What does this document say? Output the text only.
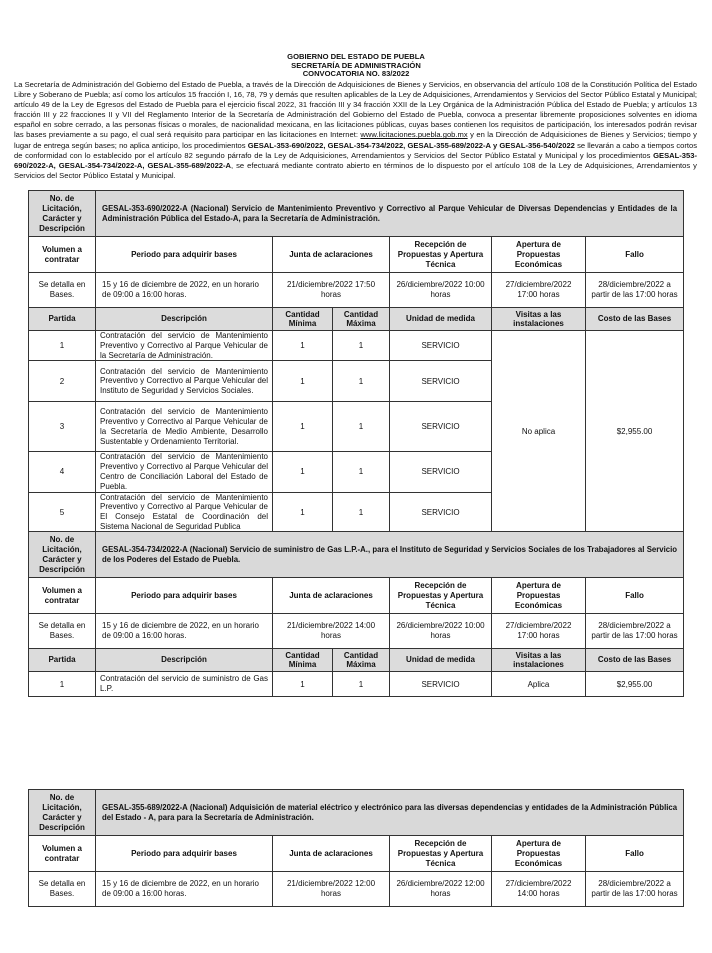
GOBIERNO DEL ESTADO DE PUEBLA
SECRETARÍA DE ADMINISTRACIÓN
CONVOCATORIA NO. 83/2022
La Secretaría de Administración del Gobierno del Estado de Puebla, a través de la Dirección de Adquisiciones de Bienes y Servicios, en observancia del artículo 108 de la Constitución Política del Estado Libre y Soberano de Puebla; así como los artículos 15 fracción I, 16, 78, 79 y demás que resulten aplicables de la Ley de Adquisiciones, Arrendamientos y Servicios del Sector Público Estatal y Municipal; artículo 49 de la Ley de Egresos del Estado de Puebla para el ejercicio fiscal 2022, 31 fracción III y 34 fracción XXII de la Ley Orgánica de la Administración Pública del Estado de Puebla; y artículos 13 fracción III y 22 fracciones II y VII del Reglamento Interior de la Secretaría de Administración del Gobierno del Estado de Puebla, convoca a presentar libremente proposiciones solventes en idioma español en sobre cerrado, a las personas físicas o morales, de nacionalidad mexicana, en las licitaciones públicas, cuyas bases contienen los requisitos de participación, los interesados podrán revisar las bases previamente a su pago, el cual será requisito para participar en las licitaciones en Internet: www.licitaciones.puebla.gob.mx y en la Dirección de Adquisiciones de Bienes y Servicios; tiempo y lugar de entrega según bases; no aplica anticipo, los procedimientos GESAL-353-690/2022, GESAL-354-734/2022, GESAL-355-689/2022-A y GESAL-356-540/2022 se llevarán a cabo a tiempos cortos de conformidad con lo establecido por el artículo 82 segundo párrafo de la Ley de Adquisiciones, Arrendamientos y Servicios del Sector Público Estatal y Municipal y los procedimientos GESAL-353-690/2022-A, GESAL-354-734/2022-A, GESAL-355-689/2022-A, se efectuará mediante contrato abierto en términos de lo dispuesto por el artículo 108 de la Ley de Adquisiciones, Arrendamientos y Servicios del Sector Público Estatal y Municipal.
No. de Licitación, Carácter y Descripción	GESAL-353-690/2022-A (Nacional) Servicio de Mantenimiento Preventivo y Correctivo al Parque Vehicular de Diversas Dependencias y Entidades de la Administración Pública del Estado-A, para la Secretaría de Administración.					
Volumen a contratar	Periodo para adquirir bases	Junta de aclaraciones		Recepción de Propuestas y Apertura Técnica	Apertura de Propuestas Económicas	Fallo
Se detalla en Bases.	15 y 16 de diciembre de 2022, en un horario de 09:00 a 16:00 horas.	21/diciembre/2022 17:50 horas		26/diciembre/2022 10:00 horas	27/diciembre/2022 17:00 horas	28/diciembre/2022 a partir de las 17:00 horas
Partida	Descripción	Cantidad Mínima	Cantidad Máxima	Unidad de medida	Visitas a las instalaciones	Costo de las Bases
1	Contratación del servicio de Mantenimiento Preventivo y Correctivo al Parque Vehicular de la Secretaría de Administración.	1	1	SERVICIO	No aplica	$2,955.00
2	Contratación del servicio de Mantenimiento Preventivo y Correctivo al Parque Vehicular del Instituto de Seguridad y Servicios Sociales.	1	1	SERVICIO		
3	Contratación del servicio de Mantenimiento Preventivo y Correctivo al Parque Vehicular de la Secretaría de Medio Ambiente, Desarrollo Sustentable y Ordenamiento Territorial.	1	1	SERVICIO		
4	Contratación del servicio de Mantenimiento Preventivo y Correctivo al Parque Vehicular del Centro de Conciliación Laboral del Estado de Puebla.	1	1	SERVICIO		
5	Contratación del servicio de Mantenimiento Preventivo y Correctivo al Parque Vehicular de El Consejo Estatal de Coordinación del Sistema Nacional de Seguridad Publica	1	1	SERVICIO		
No. de Licitación, Carácter y Descripción	GESAL-354-734/2022-A (Nacional) Servicio de suministro de Gas L.P.-A., para el Instituto de Seguridad y Servicios Sociales de los Trabajadores al Servicio de los Poderes del Estado de Puebla.					
Volumen a contratar	Periodo para adquirir bases	Junta de aclaraciones		Recepción de Propuestas y Apertura Técnica	Apertura de Propuestas Económicas	Fallo
Se detalla en Bases.	15 y 16 de diciembre de 2022, en un horario de 09:00 a 16:00 horas.	21/diciembre/2022 14:00 horas		26/diciembre/2022 10:00 horas	27/diciembre/2022 17:00 horas	28/diciembre/2022 a partir de las 17:00 horas
Partida	Descripción	Cantidad Mínima	Cantidad Máxima	Unidad de medida	Visitas a las instalaciones	Costo de las Bases
1	Contratación del servicio de suministro de Gas L.P.	1	1	SERVICIO	Aplica	$2,955.00
No. de Licitación, Carácter y Descripción	GESAL-355-689/2022-A (Nacional) Adquisición de material eléctrico y electrónico para las diversas dependencias y entidades de la Administración Pública del Estado - A, para para la Secretaría de Administración.				
Volumen a contratar	Periodo para adquirir bases	Junta de aclaraciones	Recepción de Propuestas y Apertura Técnica	Apertura de Propuestas Económicas	Fallo
Se detalla en Bases.	15 y 16 de diciembre de 2022, en un horario de 09:00 a 16:00 horas.	21/diciembre/2022 12:00 horas	26/diciembre/2022 12:00 horas	27/diciembre/2022 14:00 horas	28/diciembre/2022 a partir de las 17:00 horas
